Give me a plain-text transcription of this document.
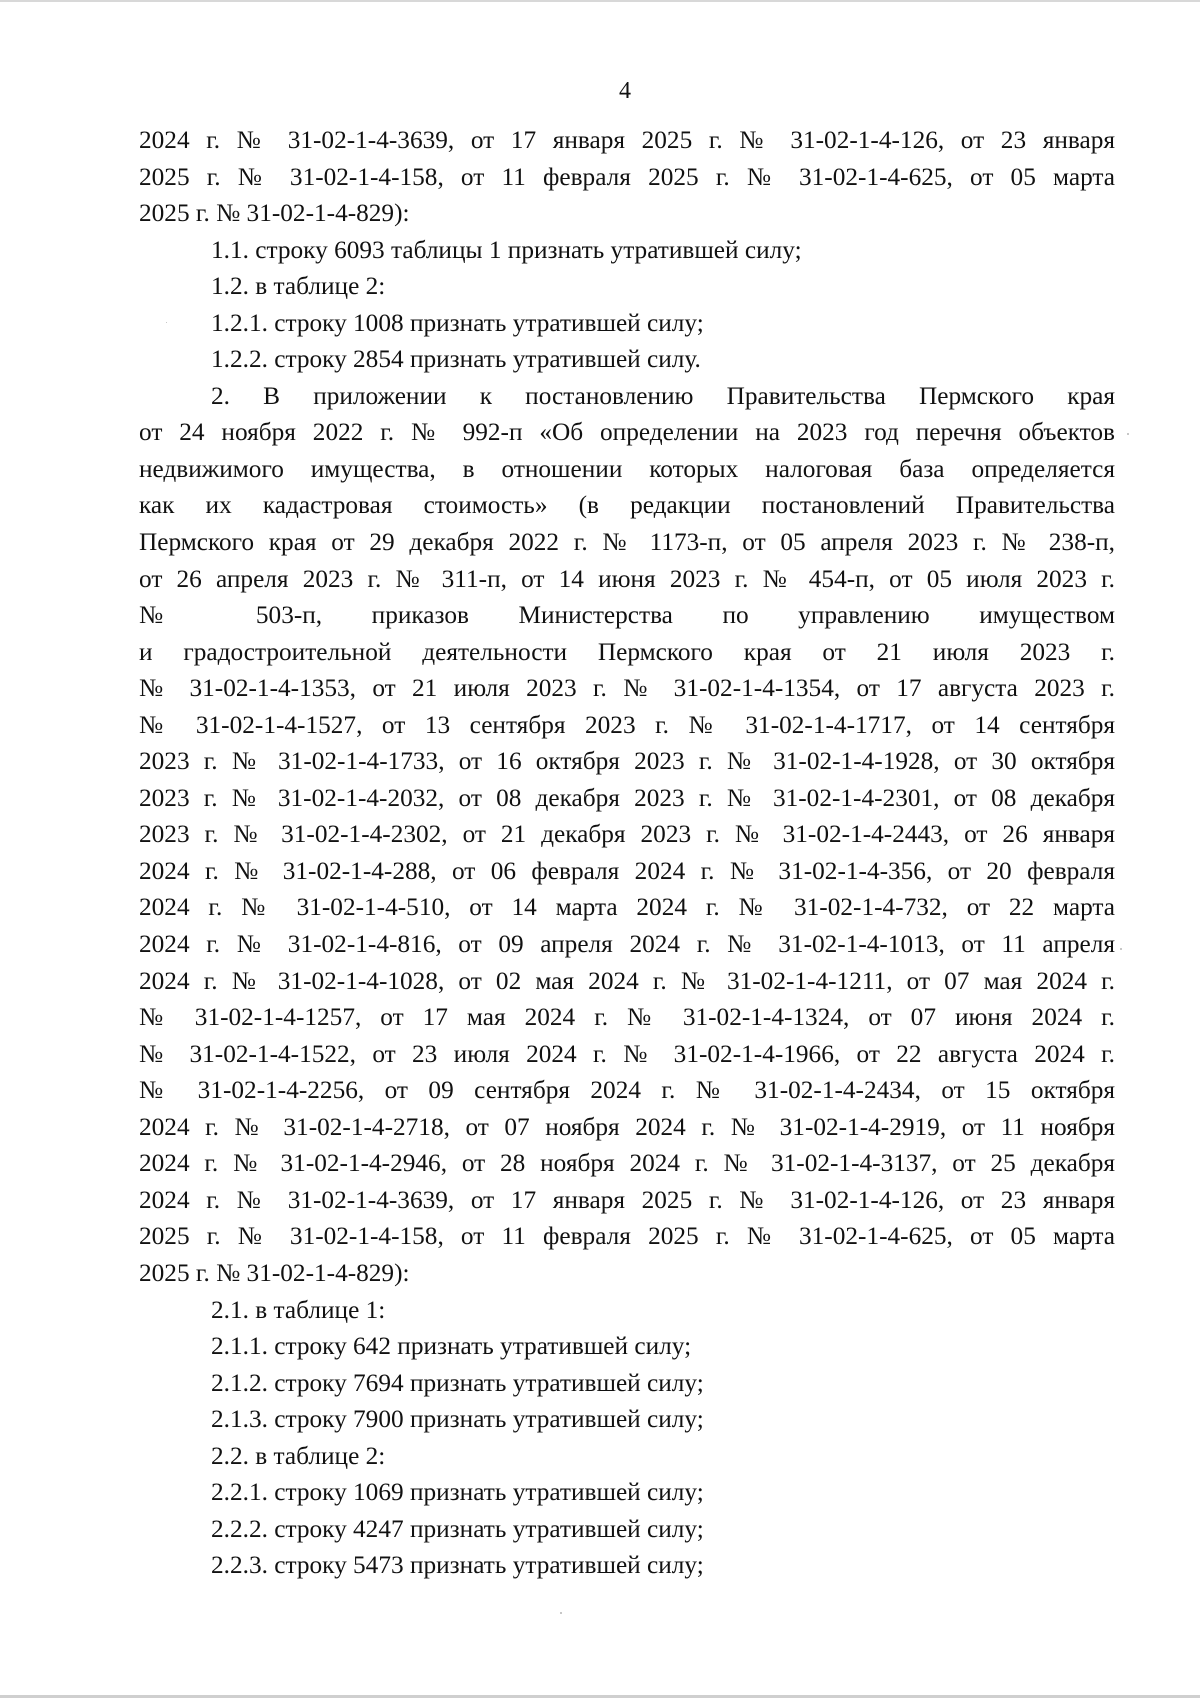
4
2024 г. № 31-02-1-4-3639, от 17 января 2025 г. № 31-02-1-4-126, от 23 января
2025 г. № 31-02-1-4-158, от 11 февраля 2025 г. № 31-02-1-4-625, от 05 марта
2025 г. № 31-02-1-4-829):
1.1. строку 6093 таблицы 1 признать утратившей силу;
1.2. в таблице 2:
1.2.1. строку 1008 признать утратившей силу;
1.2.2. строку 2854 признать утратившей силу.
2. В приложении к постановлению Правительства Пермского края
от 24 ноября 2022 г. № 992-п «Об определении на 2023 год перечня объектов
недвижимого имущества, в отношении которых налоговая база определяется
как их кадастровая стоимость» (в редакции постановлений Правительства
Пермского края от 29 декабря 2022 г. № 1173-п, от 05 апреля 2023 г. № 238-п,
от 26 апреля 2023 г. № 311-п, от 14 июня 2023 г. № 454-п, от 05 июля 2023 г.
№ 503-п, приказов Министерства по управлению имуществом
и градостроительной деятельности Пермского края от 21 июля 2023 г.
№ 31-02-1-4-1353, от 21 июля 2023 г. № 31-02-1-4-1354, от 17 августа 2023 г.
№ 31-02-1-4-1527, от 13 сентября 2023 г. № 31-02-1-4-1717, от 14 сентября
2023 г. № 31-02-1-4-1733, от 16 октября 2023 г. № 31-02-1-4-1928, от 30 октября
2023 г. № 31-02-1-4-2032, от 08 декабря 2023 г. № 31-02-1-4-2301, от 08 декабря
2023 г. № 31-02-1-4-2302, от 21 декабря 2023 г. № 31-02-1-4-2443, от 26 января
2024 г. № 31-02-1-4-288, от 06 февраля 2024 г. № 31-02-1-4-356, от 20 февраля
2024 г. № 31-02-1-4-510, от 14 марта 2024 г. № 31-02-1-4-732, от 22 марта
2024 г. № 31-02-1-4-816, от 09 апреля 2024 г. № 31-02-1-4-1013, от 11 апреля
2024 г. № 31-02-1-4-1028, от 02 мая 2024 г. № 31-02-1-4-1211, от 07 мая 2024 г.
№ 31-02-1-4-1257, от 17 мая 2024 г. № 31-02-1-4-1324, от 07 июня 2024 г.
№ 31-02-1-4-1522, от 23 июля 2024 г. № 31-02-1-4-1966, от 22 августа 2024 г.
№ 31-02-1-4-2256, от 09 сентября 2024 г. № 31-02-1-4-2434, от 15 октября
2024 г. № 31-02-1-4-2718, от 07 ноября 2024 г. № 31-02-1-4-2919, от 11 ноября
2024 г. № 31-02-1-4-2946, от 28 ноября 2024 г. № 31-02-1-4-3137, от 25 декабря
2024 г. № 31-02-1-4-3639, от 17 января 2025 г. № 31-02-1-4-126, от 23 января
2025 г. № 31-02-1-4-158, от 11 февраля 2025 г. № 31-02-1-4-625, от 05 марта
2025 г. № 31-02-1-4-829):
2.1. в таблице 1:
2.1.1. строку 642 признать утратившей силу;
2.1.2. строку 7694 признать утратившей силу;
2.1.3. строку 7900 признать утратившей силу;
2.2. в таблице 2:
2.2.1. строку 1069 признать утратившей силу;
2.2.2. строку 4247 признать утратившей силу;
2.2.3. строку 5473 признать утратившей силу;
